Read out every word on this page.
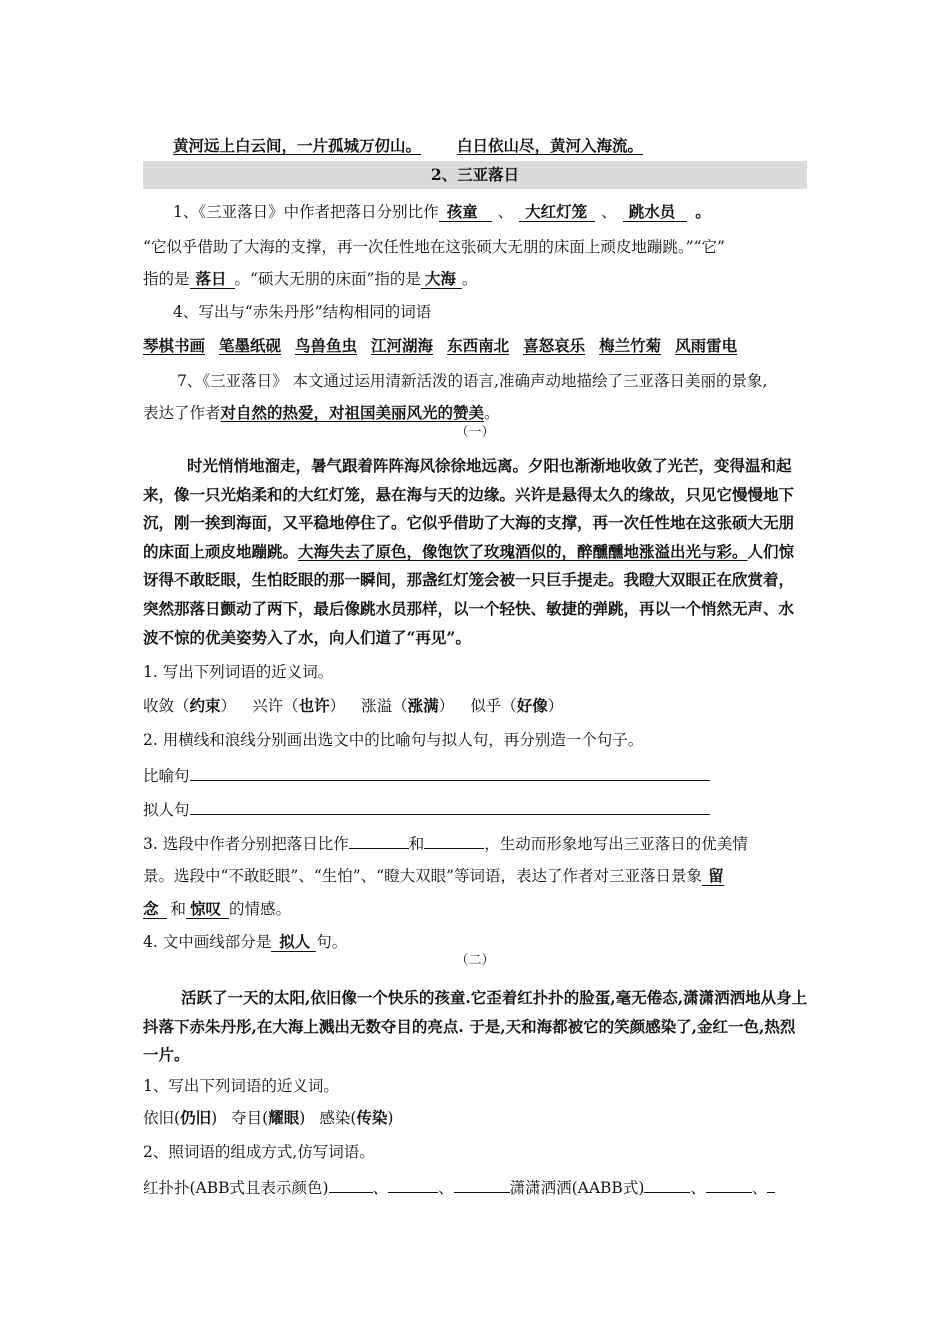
黄河远上白云间，一片孤城万仞山。 白日依山尽，黄河入海流。
2、三亚落日
1、《三亚落日》中作者把落日分别比作 孩童 、 大红灯笼 、 跳水员 。
“它似乎借助了大海的支撑，再一次任性地在这张硕大无朋的床面上顽皮地蹦跳。”“它”
指的是 落日 。“硕大无朋的床面”指的是 大海 。
4、写出与“赤朱丹彤”结构相同的词语
琴棋书画 笔墨纸砚 鸟兽鱼虫 江河湖海 东西南北 喜怒哀乐 梅兰竹菊 风雨雷电
7、《三亚落日》 本文通过运用清新活泼的语言,准确声动地描绘了三亚落日美丽的景象,
表达了作者对自然的热爱，对祖国美丽风光的赞美。
（一）
时光悄悄地溜走，暑气跟着阵阵海风徐徐地远离。夕阳也渐渐地收敛了光芒，变得温和起来，像一只光焰柔和的大红灯笼，悬在海与天的边缘。兴许是悬得太久的缘故，只见它慢慢地下沉，刚一挨到海面，又平稳地停住了。它似乎借助了大海的支撑，再一次任性地在这张硕大无朋的床面上顽皮地蹦跳。大海失去了原色，像饱饮了玫瑰酒似的，醉醺醺地涨溢出光与彩。人们惊讶得不敢眨眼，生怕眨眼的那一瞬间，那盏红灯笼会被一只巨手提走。我瞪大双眼正在欣赏着，突然那落日颤动了两下，最后像跳水员那样，以一个轻快、敏捷的弹跳，再以一个悄然无声、水波不惊的优美姿势入了水，向人们道了“再见”。
1. 写出下列词语的近义词。
收敛（约束） 兴许（也许） 涨溢（涨满） 似乎（好像）
2. 用横线和浪线分别画出选文中的比喻句与拟人句，再分别造一个句子。
比喻句
拟人句
3. 选段中作者分别把落日比作	和	，生动而形象地写出三亚落日的优美情
景。选段中“不敢眨眼”、“生怕”、“瞪大双眼”等词语，表达了作者对三亚落日景象 留
念 和 惊叹 的情感。
4. 文中画线部分是 拟人 句。
（二）
活跃了一天的太阳,依旧像一个快乐的孩童.它歪着红扑扑的脸蛋,毫无倦态,潇潇洒洒地从身上抖落下赤朱丹彤,在大海上溅出无数夺目的亮点. 于是,天和海都被它的笑颜感染了,金红一色,热烈一片。
1、写出下列词语的近义词。
依旧(仍旧) 夺目(耀眼) 感染(传染)
2、照词语的组成方式,仿写词语。
红扑扑(ABB式且表示颜色)	、	、	潇潇洒洒(AABB式)	、	、
